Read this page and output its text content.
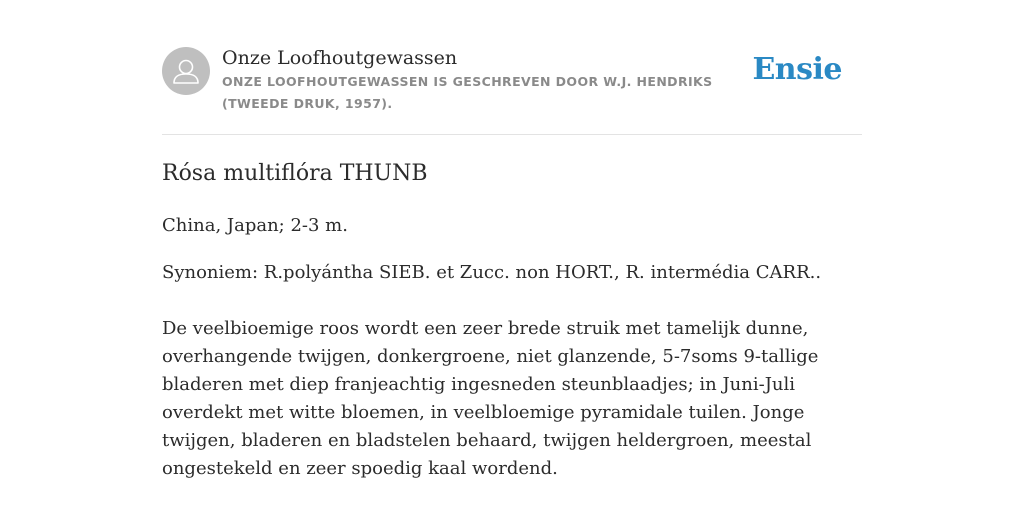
Onze Loofhoutgewassen
ONZE LOOFHOUTGEWASSEN IS GESCHREVEN DOOR W.J. HENDRIKS (TWEEDE DRUK, 1957).
Ensie
Rósa multiflóra THUNB
China, Japan; 2-3 m.
Synoniem: R.polyántha SIEB. et Zucc. non HORT., R. intermédia CARR..
De veelbioemige roos wordt een zeer brede struik met tamelijk dunne, overhangende twijgen, donkergroene, niet glanzende, 5-7soms 9-tallige bladeren met diep franjeachtig ingesneden steunblaadjes; in Juni-Juli overdekt met witte bloemen, in veelbloemige pyramidale tuilen. Jonge twijgen, bladeren en bladstelen behaard, twijgen heldergroen, meestal ongestekeld en zeer spoedig kaal wordend.
